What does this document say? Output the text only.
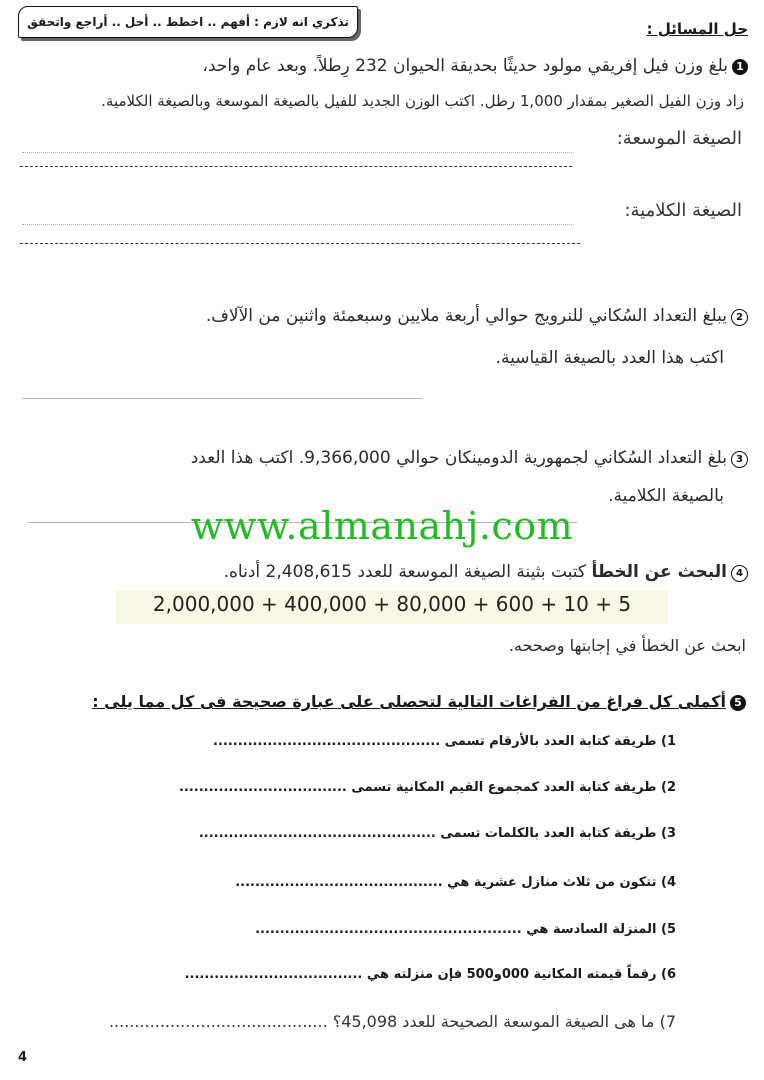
تذكري انه لازم : أفهم .. اخطط .. أحل .. أراجع واتحقق	حل المسائل :
1بلغ وزن فيل إفريقي مولود حديثًا بحديقة الحيوان 232 رِطلاً. وبعد عام واحد،
زاد وزن الفيل الصغير بمقدار 1,000 رطل. اكتب الوزن الجديد للفيل بالصيغة الموسعة وبالصيغة الكلامية.
الصيغة الموسعة:
الصيغة الكلامية:
2يبلغ التعداد السُكاني للنرويج حوالي أربعة ملايين وسبعمئة واثنين من الآلاف.
اكتب هذا العدد بالصيغة القياسية.
3بلغ التعداد السُكاني لجمهورية الدومينكان حوالي 9,366,000. اكتب هذا العدد
بالصيغة الكلامية.
www.almanahj.com
4البحث عن الخطأ كتبت بثينة الصيغة الموسعة للعدد 2,408,615 أدناه.
2,000,000 + 400,000 + 80,000 + 600 + 10 + 5
ابحث عن الخطأ في إجابتها وصححه.
5أكملى كل فراغ من الفراغات التالية لتحصلى على عبارة صحيحة فى كل مما يلى :
1) طريقة كتابة العدد بالأرقام تسمى ..............................................
2) طريقة كتابة العدد كمجموع القيم المكانية تسمى ..................................
3) طريقة كتابة العدد بالكلمات تسمى ................................................
4) تتكون من ثلاث منازل عشرية هي ..........................................
5) المنزلة السادسة هي ......................................................
6) رقماً قيمته المكانية 000و500 فإن منزلته هي ....................................
7) ما هى الصيغة الموسعة الصحيحة للعدد 45,098؟ ...........................................
4
